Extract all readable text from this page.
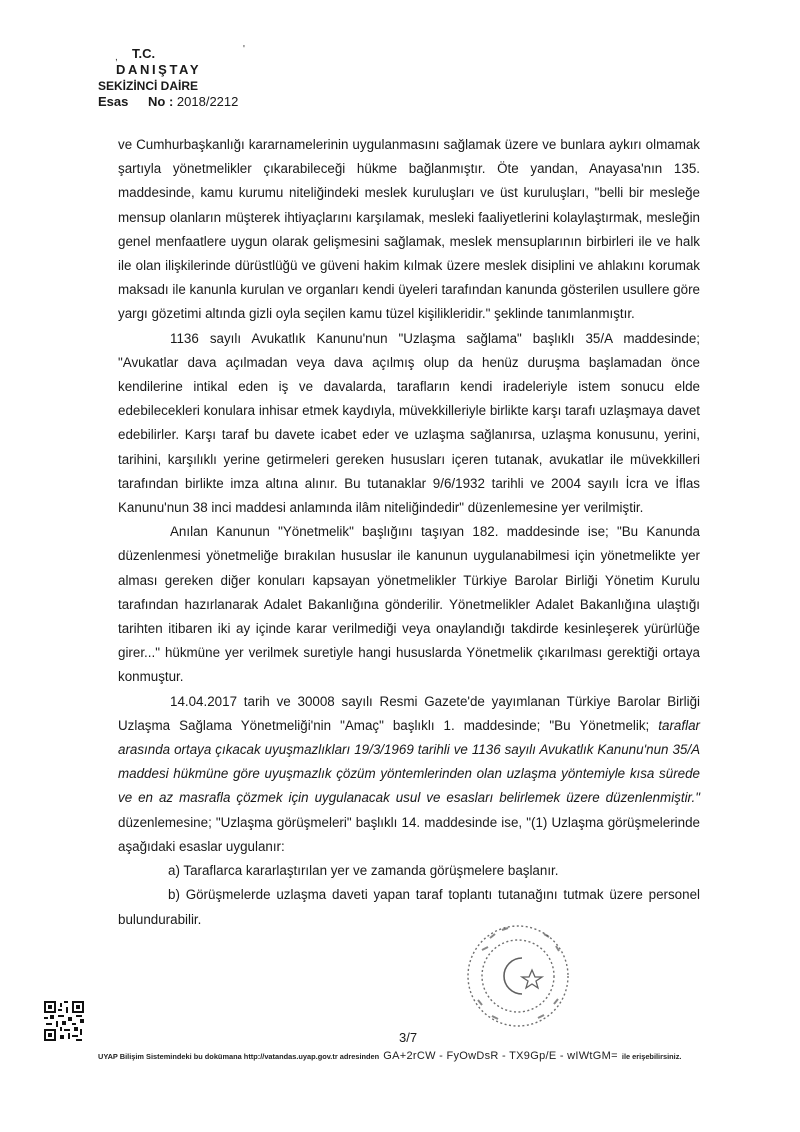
,
'
T.C.
DANIŞTAY
SEKİZİNCİ DAİRE
Esas No : 2018/2212

ve Cumhurbaşkanlığı kararnamelerinin uygulanmasını sağlamak üzere ve bunlara aykırı olmamak şartıyla yönetmelikler çıkarabileceği hükme bağlanmıştır. Öte yandan, Anayasa'nın 135. maddesinde, kamu kurumu niteliğindeki meslek kuruluşları ve üst kuruluşları, "belli bir mesleğe mensup olanların müşterek ihtiyaçlarını karşılamak, mesleki faaliyetlerini kolaylaştırmak, mesleğin genel menfaatlere uygun olarak gelişmesini sağlamak, meslek mensuplarının birbirleri ile ve halk ile olan ilişkilerinde dürüstlüğü ve güveni hakim kılmak üzere meslek disiplini ve ahlakını korumak maksadı ile kanunla kurulan ve organları kendi üyeleri tarafından kanunda gösterilen usullere göre yargı gözetimi altında gizli oyla seçilen kamu tüzel kişilikleridir." şeklinde tanımlanmıştır.

1136 sayılı Avukatlık Kanunu'nun "Uzlaşma sağlama" başlıklı 35/A maddesinde; "Avukatlar dava açılmadan veya dava açılmış olup da henüz duruşma başlamadan önce kendilerine intikal eden iş ve davalarda, tarafların kendi iradeleriyle istem sonucu elde edebilecekleri konulara inhisar etmek kaydıyla, müvekkilleriyle birlikte karşı tarafı uzlaşmaya davet edebilirler. Karşı taraf bu davete icabet eder ve uzlaşma sağlanırsa, uzlaşma konusunu, yerini, tarihini, karşılıklı yerine getirmeleri gereken hususları içeren tutanak, avukatlar ile müvekkilleri tarafından birlikte imza altına alınır. Bu tutanaklar 9/6/1932 tarihli ve 2004 sayılı İcra ve İflas Kanunu'nun 38 inci maddesi anlamında ilâm niteliğindedir" düzenlemesine yer verilmiştir.

Anılan Kanunun "Yönetmelik" başlığını taşıyan 182. maddesinde ise; "Bu Kanunda düzenlenmesi yönetmeliğe bırakılan hususlar ile kanunun uygulanabilmesi için yönetmelikte yer alması gereken diğer konuları kapsayan yönetmelikler Türkiye Barolar Birliği Yönetim Kurulu tarafından hazırlanarak Adalet Bakanlığına gönderilir. Yönetmelikler Adalet Bakanlığına ulaştığı tarihten itibaren iki ay içinde karar verilmediği veya onaylandığı takdirde kesinleşerek yürürlüğe girer..." hükmüne yer verilmek suretiyle hangi hususlarda Yönetmelik çıkarılması gerektiği ortaya konmuştur.

14.04.2017 tarih ve 30008 sayılı Resmi Gazete'de yayımlanan Türkiye Barolar Birliği Uzlaşma Sağlama Yönetmeliği'nin "Amaç" başlıklı 1. maddesinde; "Bu Yönetmelik; taraflar arasında ortaya çıkacak uyuşmazlıkları 19/3/1969 tarihli ve 1136 sayılı Avukatlık Kanunu'nun 35/A maddesi hükmüne göre uyuşmazlık çözüm yöntemlerinden olan uzlaşma yöntemiyle kısa sürede ve en az masrafla çözmek için uygulanacak usul ve esasları belirlemek üzere düzenlenmiştir." düzenlemesine; "Uzlaşma görüşmeleri" başlıklı 14. maddesinde ise, "(1) Uzlaşma görüşmelerinde aşağıdaki esaslar uygulanır:

a) Taraflarca kararlaştırılan yer ve zamanda görüşmelere başlanır.

b) Görüşmelerde uzlaşma daveti yapan taraf toplantı tutanağını tutmak üzere personel bulundurabilir.

3/7
UYAP Bilişim Sistemindeki bu dokümana http://vatandas.uyap.gov.tr adresinden GA+2rCW - FyOwDsR - TX9Gp/E - wIWtGM= ile erişebilirsiniz.
